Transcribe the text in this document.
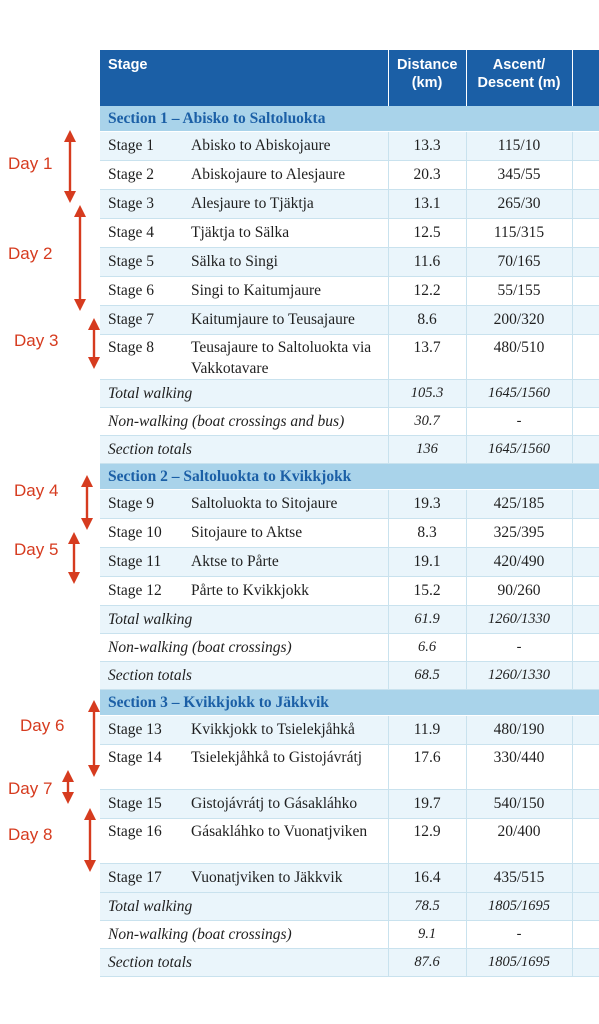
Stage		Distance (km)	Ascent/ Descent (m)	
Section 1 – Abisko to Saltoluokta				
Stage 1	Abisko to Abiskojaure	13.3	115/10	
Stage 2	Abiskojaure to Alesjaure	20.3	345/55	
Stage 3	Alesjaure to Tjäktja	13.1	265/30	
Stage 4	Tjäktja to Sälka	12.5	115/315	
Stage 5	Sälka to Singi	11.6	70/165	
Stage 6	Singi to Kaitumjaure	12.2	55/155	
Stage 7	Kaitumjaure to Teusajaure	8.6	200/320	
Stage 8	Teusajaure to Saltoluokta via Vakkotavare	13.7	480/510	
Total walking		105.3	1645/1560	
Non-walking (boat crossings and bus)		30.7	-	
Section totals		136	1645/1560	
Section 2 – Saltoluokta to Kvikkjokk				
Stage 9	Saltoluokta to Sitojaure	19.3	425/185	
Stage 10	Sitojaure to Aktse	8.3	325/395	
Stage 11	Aktse to Pårte	19.1	420/490	
Stage 12	Pårte to Kvikkjokk	15.2	90/260	
Total walking		61.9	1260/1330	
Non-walking (boat crossings)		6.6	-	
Section totals		68.5	1260/1330	
Section 3 – Kvikkjokk to Jäkkvik				
Stage 13	Kvikkjokk to Tsielekjåhkå	11.9	480/190	
Stage 14	Tsielekjåhkå to Gistojávrátj	17.6	330/440	
Stage 15	Gistojávrátj to Gásakláhko	19.7	540/150	
Stage 16	Gásakláhko to Vuonatjviken	12.9	20/400	
Stage 17	Vuonatjviken to Jäkkvik	16.4	435/515	
Total walking		78.5	1805/1695	
Non-walking (boat crossings)		9.1	-	
Section totals		87.6	1805/1695	
Day 1
Day 2
Day 3
Day 4
Day 5
Day 6
Day 7
Day 8
